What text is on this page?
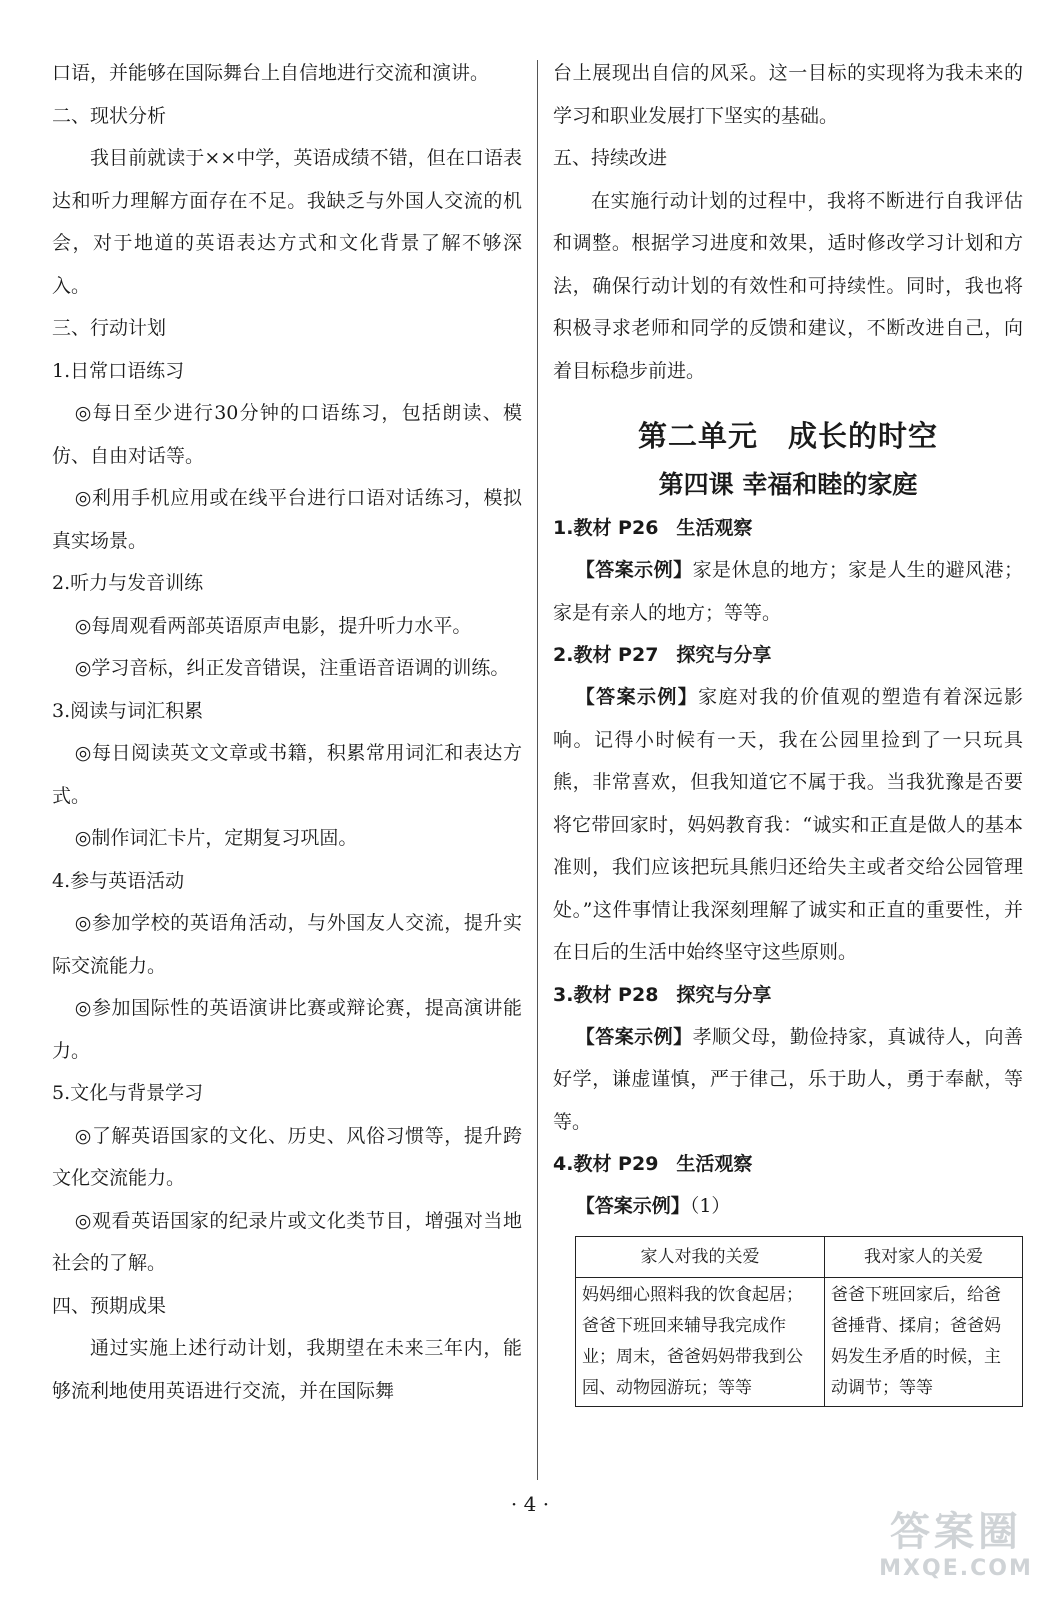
口语，并能够在国际舞台上自信地进行交流和演讲。

二、现状分析

我目前就读于××中学，英语成绩不错，但在口语表达和听力理解方面存在不足。我缺乏与外国人交流的机会，对于地道的英语表达方式和文化背景了解不够深入。

三、行动计划

1.日常口语练习

◎每日至少进行30分钟的口语练习，包括朗读、模仿、自由对话等。

◎利用手机应用或在线平台进行口语对话练习，模拟真实场景。

2.听力与发音训练

◎每周观看两部英语原声电影，提升听力水平。

◎学习音标，纠正发音错误，注重语音语调的训练。

3.阅读与词汇积累

◎每日阅读英文文章或书籍，积累常用词汇和表达方式。

◎制作词汇卡片，定期复习巩固。

4.参与英语活动

◎参加学校的英语角活动，与外国友人交流，提升实际交流能力。

◎参加国际性的英语演讲比赛或辩论赛，提高演讲能力。

5.文化与背景学习

◎了解英语国家的文化、历史、风俗习惯等，提升跨文化交流能力。

◎观看英语国家的纪录片或文化类节目，增强对当地社会的了解。

四、预期成果

通过实施上述行动计划，我期望在未来三年内，能够流利地使用英语进行交流，并在国际舞

台上展现出自信的风采。这一目标的实现将为我未来的学习和职业发展打下坚实的基础。

五、持续改进

在实施行动计划的过程中，我将不断进行自我评估和调整。根据学习进度和效果，适时修改学习计划和方法，确保行动计划的有效性和可持续性。同时，我也将积极寻求老师和同学的反馈和建议，不断改进自己，向着目标稳步前进。

第二单元　成长的时空
第四课 幸福和睦的家庭

1.教材 P26 生活观察

【答案示例】家是休息的地方；家是人生的避风港；家是有亲人的地方；等等。

2.教材 P27 探究与分享

【答案示例】家庭对我的价值观的塑造有着深远影响。记得小时候有一天，我在公园里捡到了一只玩具熊，非常喜欢，但我知道它不属于我。当我犹豫是否要将它带回家时，妈妈教育我：“诚实和正直是做人的基本准则，我们应该把玩具熊归还给失主或者交给公园管理处。”这件事情让我深刻理解了诚实和正直的重要性，并在日后的生活中始终坚守这些原则。

3.教材 P28 探究与分享

【答案示例】孝顺父母，勤俭持家，真诚待人，向善好学，谦虚谨慎，严于律己，乐于助人，勇于奉献，等等。

4.教材 P29 生活观察

【答案示例】（1）

家人对我的关爱	我对家人的关爱
妈妈细心照料我的饮食起居；爸爸下班回来辅导我完成作业；周末，爸爸妈妈带我到公园、动物园游玩；等等	爸爸下班回家后，给爸爸捶背、揉肩；爸爸妈妈发生矛盾的时候，主动调节；等等
· 4 ·
答案圈
MXQE.COM
